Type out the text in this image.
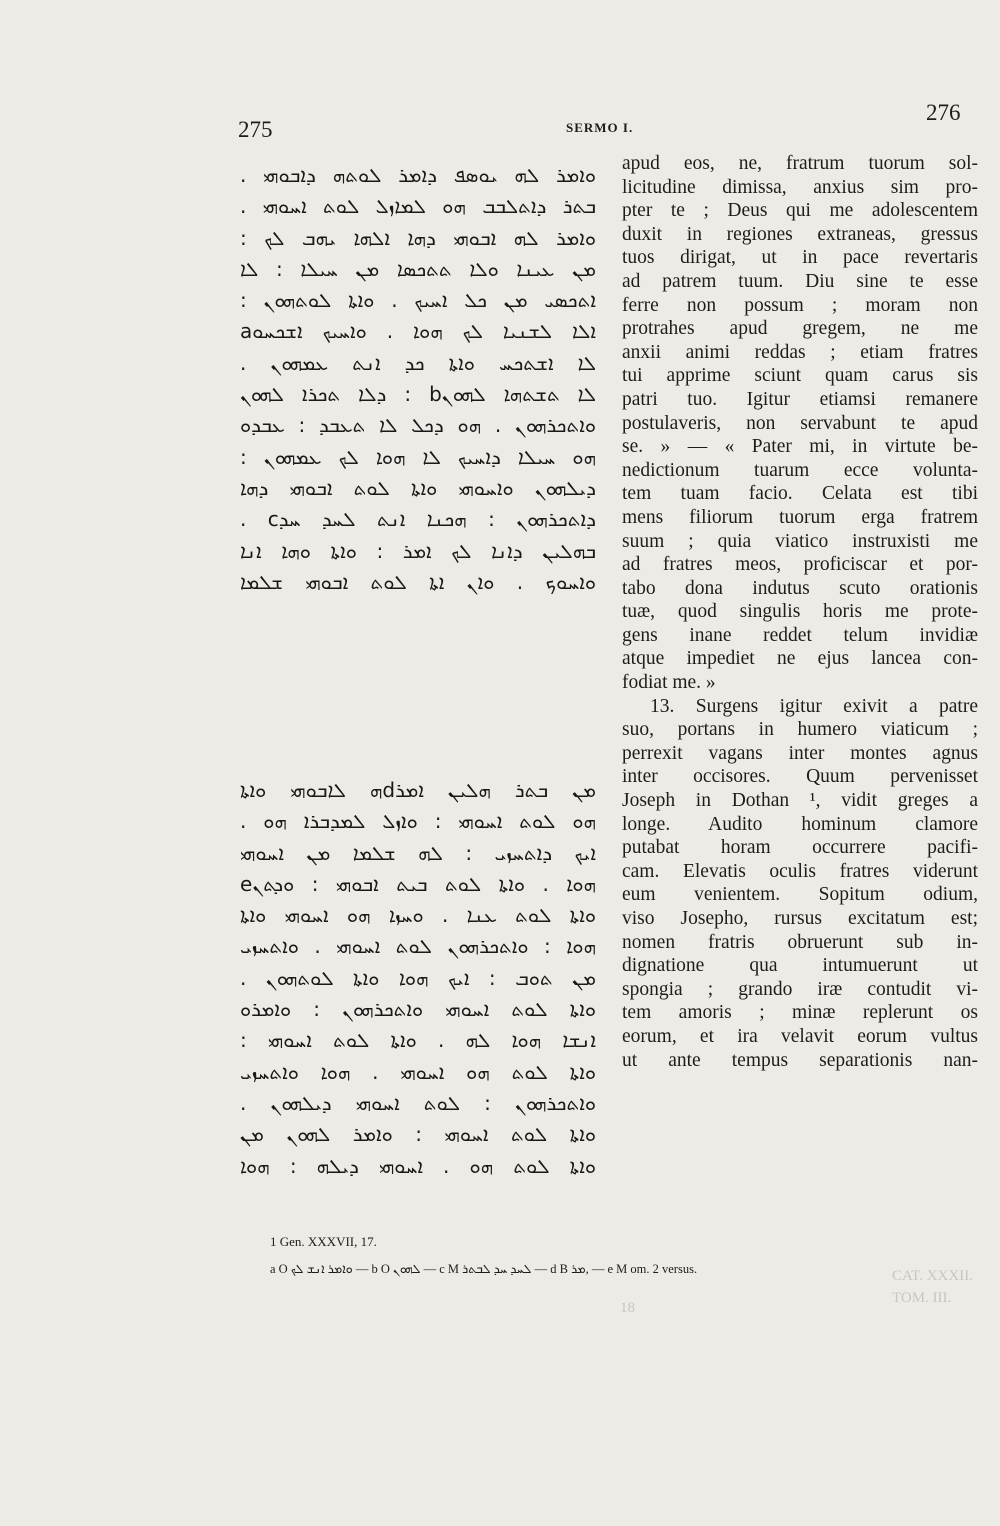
275	SERMO I.
276
ܘܐܡܪ ܠܗ ܝܘܣܦ ܕܐܡܪ ܠܘܬܗ ܕܐܒܘܗܝ .
ܒܬܪ ܕܐܬܠܒܒ ܗܘ ܠܡܐܙܠ ܠܘܬ ܐܚܘܗܝ .
ܘܐܡܪ ܠܗ ܐܒܘܗܝ ܕܗܐ ܐܠܗܐ ܝܗܒ ܠܟ :
ܡܢ ܥܝܢܐ ܘܠܐ ܬܬܟܣܐ ܡܢ ܚܝܠܐ : ܠܐ
ܐܬܟܣܝ ܡܢ ܟܠ ܐܚܝܟ . ܘܐܬܐ ܠܘܬܗܘܢ :
ܐܠܐ ܠܫܢܝܐ ܠܟ ܗܘܐ . ܘܐܚܝܟ ܐܫܟܚܘa
ܠܐ ܐܫܬܟܚ ܘܐܬܐ ܟܕ ܐܢܬ ܥܡܗܘܢ .
ܠܐ ܬܫܬܗܐ ܠܗܘܢb : ܕܠܐ ܬܟܪܐ ܠܗܘܢ
ܘܐܬܟܪܗܘܢ . ܗܘ ܕܟܠ ܠܐ ܬܥܒܕ : ܥܒܕܘ
ܗܘ ܚܝܠܐ ܕܐܚܝܟ ܠܐ ܗܘܐ ܠܟ ܥܡܗܘܢ :
ܕܝܠܗܘܢ ܘܐܚܘܗܝ ܘܐܬܐ ܠܘܬ ܐܒܘܗܝ ܕܗܐ
ܕܐܬܟܪܗܘܢ : ܗܟܢܐ ܐܢܬ ܠܚܕ ܚܕc .
ܒܗܠܝܢ ܕܐܢܐ ܠܟ ܐܡܪ : ܘܐܬܐ ܘܗܐ ܐܢܐ
ܘܐܚܘܟ . ܘܐܢ ܐܬܐ ܠܘܬ ܐܒܘܗܝ ܫܠܡܐ
ܡܢ ܒܬܪ ܗܠܝܢ ܐܡܪdܗ ܠܐܒܘܗܝ ܘܐܬܐ
ܗܘ ܠܘܬ ܐܚܘܗܝ : ܘܐܙܠ ܠܡܕܒܪܐ ܗܘ .
ܐܝܟ ܕܐܬܚܙܝ : ܠܗ ܫܠܡܐ ܡܢ ܐܚܘܗܝ
ܗܘܐ . ܘܐܬܐ ܠܘܬ ܒܝܬ ܐܒܘܗܝ : ܘܕܬܢe
ܘܐܬܐ ܠܘܬ ܥܢܐ . ܘܚܙܐ ܗܘ ܐܚܘܗܝ ܘܐܬܐ
ܗܘܐ : ܘܐܬܟܪܗܘܢ ܠܘܬ ܐܚܘܗܝ . ܘܐܬܚܙܝ
ܡܢ ܬܘܒ : ܐܝܟ ܗܘܐ ܘܐܬܐ ܠܘܬܗܘܢ .
ܘܐܬܐ ܠܘܬ ܐܚܘܗܝ ܘܐܬܟܪܗܘܢ : ܘܐܡܪܘ
ܐܢܫܐ ܗܘܐ ܠܗ . ܘܐܬܐ ܠܘܬ ܐܚܘܗܝ :
ܘܐܬܐ ܠܘܬ ܗܘ ܐܚܘܗܝ . ܗܘܐ ܘܐܬܚܙܝ
ܘܐܬܟܪܗܘܢ : ܠܘܬ ܐܚܘܗܝ ܕܝܠܗܘܢ .
ܘܐܬܐ ܠܘܬ ܐܚܘܗܝ : ܘܐܡܪ ܠܗܘܢ ܡܢ
ܘܐܬܐ ܠܘܬ ܗܘ . ܐܚܘܗܝ ܕܝܠܗ : ܗܘܐ
apud eos, ne, fratrum tuorum sol-
licitudine dimissa, anxius sim pro-
pter te ; Deus qui me adolescentem
duxit in regiones extraneas, gressus
tuos dirigat, ut in pace revertaris
ad patrem tuum. Diu sine te esse
ferre non possum ; moram non
protrahes apud gregem, ne me
anxii animi reddas ; etiam fratres
tui apprime sciunt quam carus sis
patri tuo. Igitur etiamsi remanere
postulaveris, non servabunt te apud
se. » — « Pater mi, in virtute be-
nedictionum tuarum ecce volunta-
tem tuam facio. Celata est tibi
mens filiorum tuorum erga fratrem
suum ; quia viatico instruxisti me
ad fratres meos, proficiscar et por-
tabo dona indutus scuto orationis
tuæ, quod singulis horis me prote-
gens inane reddet telum invidiæ
atque impediet ne ejus lancea con-
fodiat me. »
13. Surgens igitur exivit a patre
suo, portans in humero viaticum ;
perrexit vagans inter montes agnus
inter occisores. Quum pervenisset
Joseph in Dothan ¹, vidit greges a
longe. Audito hominum clamore
putabat horam occurrere pacifi-
cam. Elevatis oculis fratres viderunt
eum venientem. Sopitum odium,
viso Josepho, rursus excitatum est;
nomen fratris obruerunt sub in-
dignatione qua intumuerunt ut
spongia ; grando iræ contudit vi-
tem amoris ; minæ replerunt os
eorum, et ira velavit eorum vultus
ut ante tempus separationis nan-
1 Gen. XXXVII, 17.
a O ܘܐܡܪ ܐܢܫ ܠܟ — b O ܠܗܘܢ — c M ܠܚܕ ܚܕ ܠܒܬܪ — d B ܡܪ, — e M om. 2 versus.	CAT. XXXII.
TOM. III.
18
